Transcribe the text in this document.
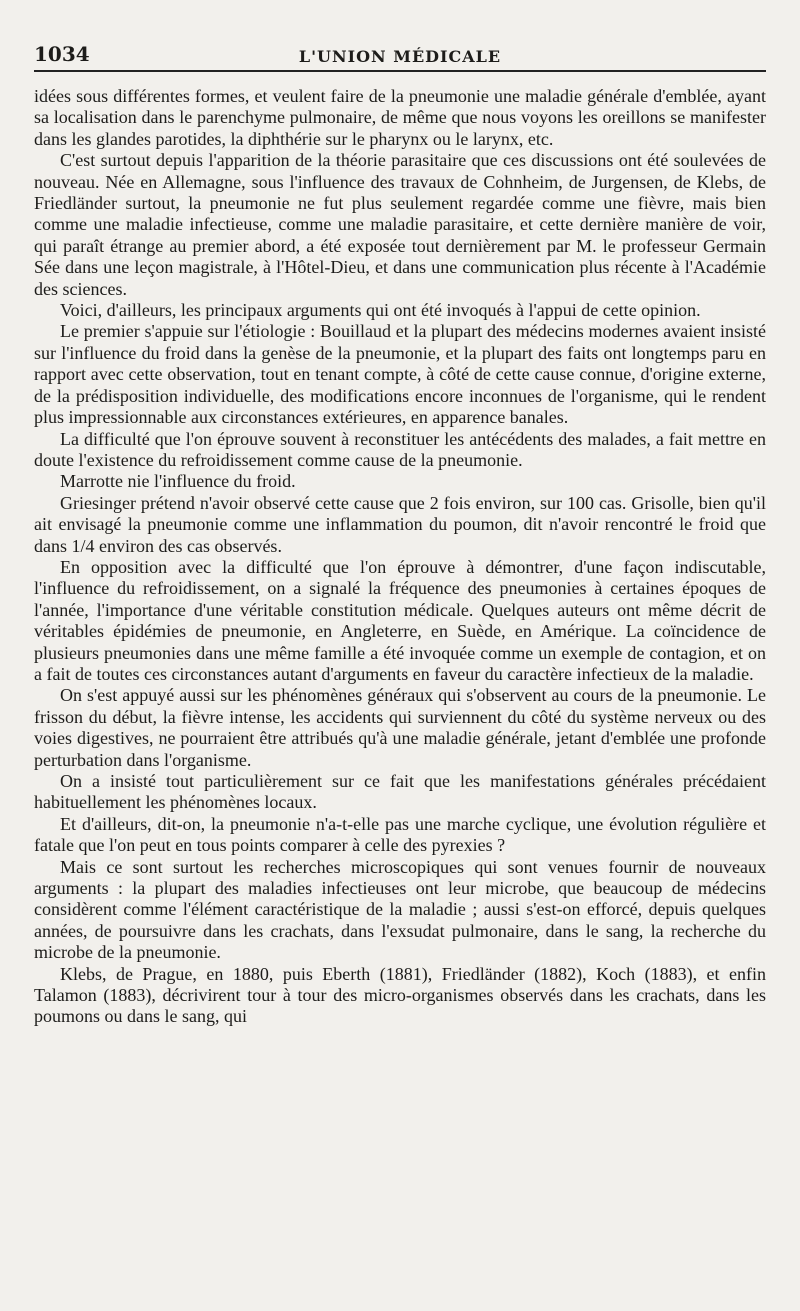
1034	L'UNION MÉDICALE

idées sous différentes formes, et veulent faire de la pneumonie une maladie générale d'emblée, ayant sa localisation dans le parenchyme pulmonaire, de même que nous voyons les oreillons se manifester dans les glandes parotides, la diphthérie sur le pharynx ou le larynx, etc.

C'est surtout depuis l'apparition de la théorie parasitaire que ces discussions ont été soulevées de nouveau. Née en Allemagne, sous l'influence des travaux de Cohnheim, de Jurgensen, de Klebs, de Friedländer surtout, la pneumonie ne fut plus seulement regardée comme une fièvre, mais bien comme une maladie infectieuse, comme une maladie parasitaire, et cette dernière manière de voir, qui paraît étrange au premier abord, a été exposée tout dernièrement par M. le professeur Germain Sée dans une leçon magistrale, à l'Hôtel-Dieu, et dans une communication plus récente à l'Académie des sciences.

Voici, d'ailleurs, les principaux arguments qui ont été invoqués à l'appui de cette opinion.

Le premier s'appuie sur l'étiologie : Bouillaud et la plupart des médecins modernes avaient insisté sur l'influence du froid dans la genèse de la pneumonie, et la plupart des faits ont longtemps paru en rapport avec cette observation, tout en tenant compte, à côté de cette cause connue, d'origine externe, de la prédisposition individuelle, des modifications encore inconnues de l'organisme, qui le rendent plus impressionnable aux circonstances extérieures, en apparence banales.

La difficulté que l'on éprouve souvent à reconstituer les antécédents des malades, a fait mettre en doute l'existence du refroidissement comme cause de la pneumonie.

Marrotte nie l'influence du froid.

Griesinger prétend n'avoir observé cette cause que 2 fois environ, sur 100 cas. Grisolle, bien qu'il ait envisagé la pneumonie comme une inflammation du poumon, dit n'avoir rencontré le froid que dans 1/4 environ des cas observés.

En opposition avec la difficulté que l'on éprouve à démontrer, d'une façon indiscutable, l'influence du refroidissement, on a signalé la fréquence des pneumonies à certaines époques de l'année, l'importance d'une véritable constitution médicale. Quelques auteurs ont même décrit de véritables épidémies de pneumonie, en Angleterre, en Suède, en Amérique. La coïncidence de plusieurs pneumonies dans une même famille a été invoquée comme un exemple de contagion, et on a fait de toutes ces circonstances autant d'arguments en faveur du caractère infectieux de la maladie.

On s'est appuyé aussi sur les phénomènes généraux qui s'observent au cours de la pneumonie. Le frisson du début, la fièvre intense, les accidents qui surviennent du côté du système nerveux ou des voies digestives, ne pourraient être attribués qu'à une maladie générale, jetant d'emblée une profonde perturbation dans l'organisme.

On a insisté tout particulièrement sur ce fait que les manifestations générales précédaient habituellement les phénomènes locaux.

Et d'ailleurs, dit-on, la pneumonie n'a-t-elle pas une marche cyclique, une évolution régulière et fatale que l'on peut en tous points comparer à celle des pyrexies ?

Mais ce sont surtout les recherches microscopiques qui sont venues fournir de nouveaux arguments : la plupart des maladies infectieuses ont leur microbe, que beaucoup de médecins considèrent comme l'élément caractéristique de la maladie ; aussi s'est-on efforcé, depuis quelques années, de poursuivre dans les crachats, dans l'exsudat pulmonaire, dans le sang, la recherche du microbe de la pneumonie.

Klebs, de Prague, en 1880, puis Eberth (1881), Friedländer (1882), Koch (1883), et enfin Talamon (1883), décrivirent tour à tour des micro-organismes observés dans les crachats, dans les poumons ou dans le sang, qui
